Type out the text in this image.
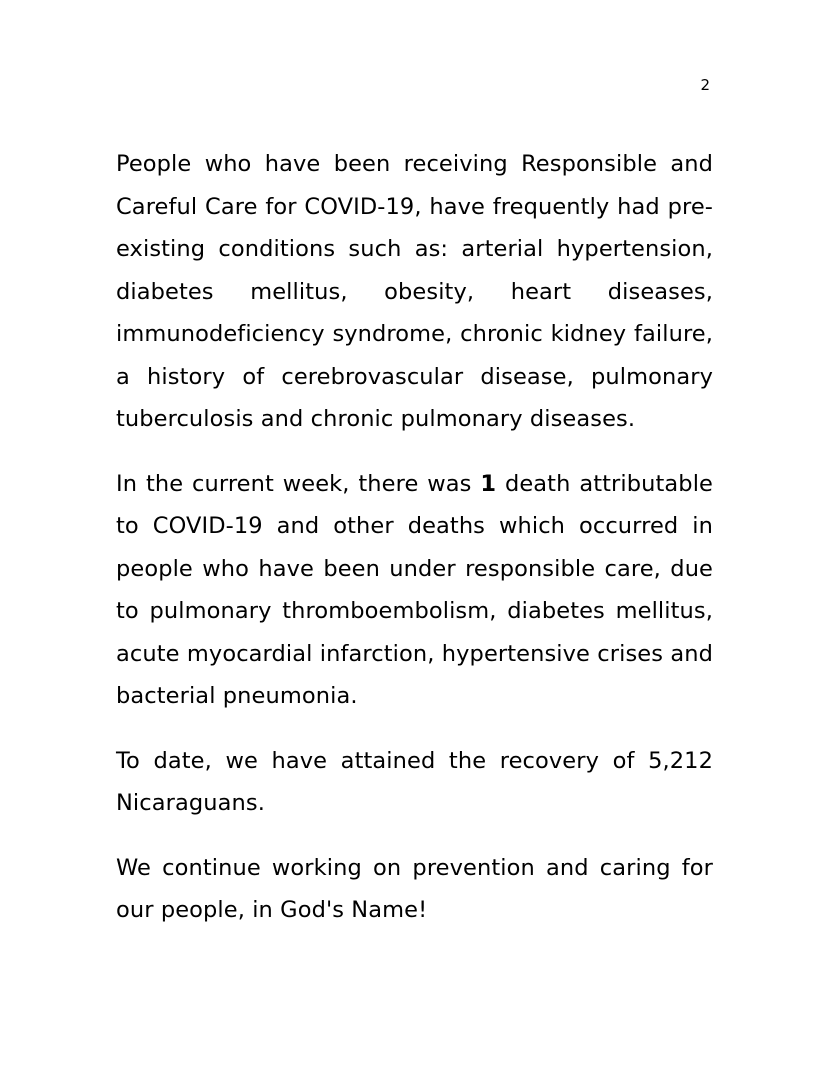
2

People who have been receiving Responsible and Careful Care for COVID-19, have frequently had pre-existing conditions such as: arterial hypertension, diabetes mellitus, obesity, heart diseases, immunodeficiency syndrome, chronic kidney failure, a history of cerebrovascular disease, pulmonary tuberculosis and chronic pulmonary diseases.

In the current week, there was 1 death attributable to COVID-19 and other deaths which occurred in people who have been under responsible care, due to pulmonary thromboembolism, diabetes mellitus, acute myocardial infarction, hypertensive crises and bacterial pneumonia.

To date, we have attained the recovery of 5,212 Nicaraguans.

We continue working on prevention and caring for our people, in God's Name!
